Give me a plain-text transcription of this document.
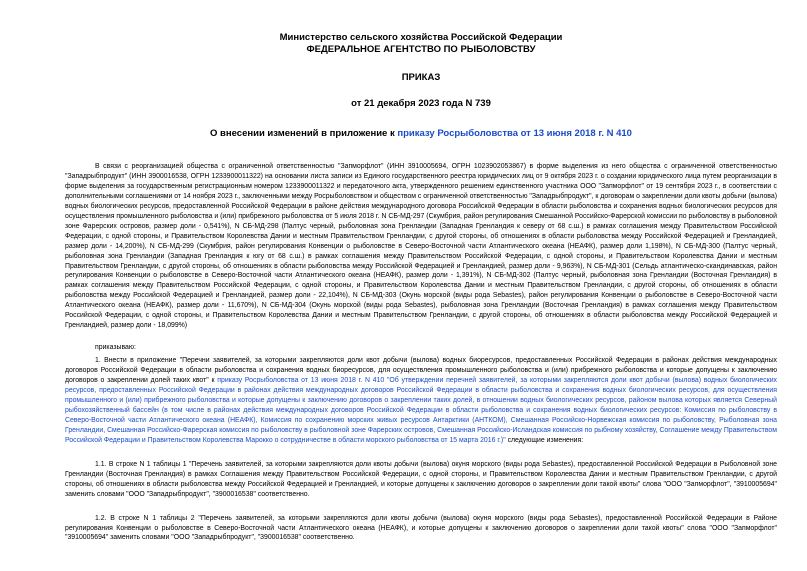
Министерство сельского хозяйства Российской Федерации

ФЕДЕРАЛЬНОЕ АГЕНТСТВО ПО РЫБОЛОВСТВУ

ПРИКАЗ

от 21 декабря 2023 года N 739

О внесении изменений в приложение к приказу Росрыболовства от 13 июня 2018 г. N 410

В связи с реорганизацией общества с ограниченной ответственностью "Запморфлот" (ИНН 3910005694, ОГРН 1023902053867) в форме выделения из него общества с ограниченной ответственностью "Западрыбпродукт" (ИНН 3900016538, ОГРН 1233900011322) на основании листа записи из Единого государственного реестра юридических лиц от 9 октября 2023 г. о создании юридического лица путем реорганизации в форме выделения за государственным регистрационным номером 1233900011322 и передаточного акта, утвержденного решением единственного участника ООО "Запморфлот" от 19 сентября 2023 г., в соответствии с дополнительными соглашениями от 14 ноября 2023 г., заключенными между Росрыболовством и обществом с ограниченной ответственностью "Западрыбпродукт", к договорам о закреплении доли квоты добычи (вылова) водных биологических ресурсов, предоставленной Российской Федерации в районе действия международного договора Российской Федерации в области рыболовства и сохранения водных биологических ресурсов для осуществления промышленного рыболовства и (или) прибрежного рыболовства от 5 июля 2018 г. N СБ-МД-297 (Скумбрия, район регулирования Смешанной Российско-Фарерской комиссии по рыболовству в рыболовной зоне Фарерских островов, размер доли - 0,541%), N СБ-МД-298 (Палтус черный, рыболовная зона Гренландии (Западная Гренландия к северу от 68 с.ш.) в рамках соглашения между Правительством Российской Федерации, с одной стороны, и Правительством Королевства Дании и местным Правительством Гренландии, с другой стороны, об отношениях в области рыболовства между Российской Федерацией и Гренландией, размер доли - 14,200%), N СБ-МД-299 (Скумбрия, район регулирования Конвенции о рыболовстве в Северо-Восточной части Атлантического океана (НЕАФК), размер доли 1,198%), N СБ-МД-300 (Палтус черный, рыболовная зона Гренландии (Западная Гренландия к югу от 68 с.ш.) в рамках соглашения между Правительством Российской Федерации, с одной стороны, и Правительством Королевства Дании и местным Правительством Гренландии, с другой стороны, об отношениях в области рыболовства между Российской Федерацией и Гренландией, размер доли - 9,963%), N СБ-МД-301 (Сельдь атлантическо-скандинавская, район регулирования Конвенции о рыболовстве в Северо-Восточной части Атлантического океана (НЕАФК), размер доли - 1,391%), N СБ-МД-302 (Палтус черный, рыболовная зона Гренландии (Восточная Гренландия) в рамках соглашения между Правительством Российской Федерации, с одной стороны, и Правительством Королевства Дании и местным Правительством Гренландии, с другой стороны, об отношениях в области рыболовства между Российской Федерацией и Гренландией, размер доли - 22,104%), N СБ-МД-303 (Окунь морской (виды рода Sebastes), район регулирования Конвенции о рыболовстве в Северо-Восточной части Атлантического океана (НЕАФК), размер доли - 11,670%), N СБ-МД-304 (Окунь морской (виды рода Sebastes), рыболовная зона Гренландии (Восточная Гренландия) в рамках соглашения между Правительством Российской Федерации, с одной стороны, и Правительством Королевства Дании и местным Правительством Гренландии, с другой стороны, об отношениях в области рыболовства между Российской Федерацией и Гренландией, размер доли - 18,099%)

приказываю:

1. Внести в приложение "Перечни заявителей, за которыми закрепляются доли квот добычи (вылова) водных биоресурсов, предоставленных Российской Федерации в районах действия международных договоров Российской Федерации в области рыболовства и сохранения водных биоресурсов, для осуществления промышленного рыболовства и (или) прибрежного рыболовства и которые допущены к заключению договоров о закреплении долей таких квот" к приказу Росрыболовства от 13 июня 2018 г. N 410 "Об утверждении перечней заявителей, за которыми закрепляются доли квот добычи (вылова) водных биологических ресурсов, предоставленных Российской Федерации в районах действия международных договоров Российской Федерации в области рыболовства и сохранения водных биологических ресурсов, для осуществления промышленного и (или) прибрежного рыболовства и которые допущены к заключению договоров о закреплении таких долей, в отношении водных биологических ресурсов, районом вылова которых является Северный рыбохозяйственный бассейн (в том числе в районах действия международных договоров Российской Федерации в области рыболовства и сохранения водных биологических ресурсов: Комиссия по рыболовству в Северо-Восточной части Атлантического океана (НЕАФК), Комиссия по сохранению морских живых ресурсов Антарктики (АНТКОМ), Смешанная Российско-Норвежская комиссия по рыболовству, Рыболовная зона Гренландии, Смешанная Российско-Фарерская комиссия по рыболовству в рыболовной зоне Фарерских островов, Смешанная Российско-Исландская комиссия по рыбному хозяйству, Соглашение между Правительством Российской Федерации и Правительством Королевства Марокко о сотрудничестве в области морского рыболовства от 15 марта 2016 г.)" следующие изменения:

1.1. В строке N 1 таблицы 1 "Перечень заявителей, за которыми закрепляются доли квоты добычи (вылова) окуня морского (виды рода Sebastes), предоставленной Российской Федерации в Рыболовной зоне Гренландии (Восточная Гренландия) в рамках Соглашения между Правительством Российской Федерации, с одной стороны, и Правительством Королевства Дании и местным Правительством Гренландии, с другой стороны, об отношениях в области рыболовства между Российской Федерацией и Гренландией, и которые допущены к заключению договоров о закреплении доли такой квоты" слова "ООО "Запморфлот", "3910005694" заменить словами "ООО "Западрыбпродукт", "3900016538" соответственно.

1.2. В строке N 1 таблицы 2 "Перечень заявителей, за которыми закрепляются доли квоты добычи (вылова) окуня морского (виды рода Sebastes), предоставленной Российской Федерации в Районе регулирования Конвенции о рыболовстве в Северо-Восточной части Атлантического океана (НЕАФК), и которые допущены к заключению договоров о закреплении доли такой квоты" слова "ООО "Запморфлот" "3910005694" заменить словами "ООО "Западрыбпродукт", "3900016538" соответственно.
